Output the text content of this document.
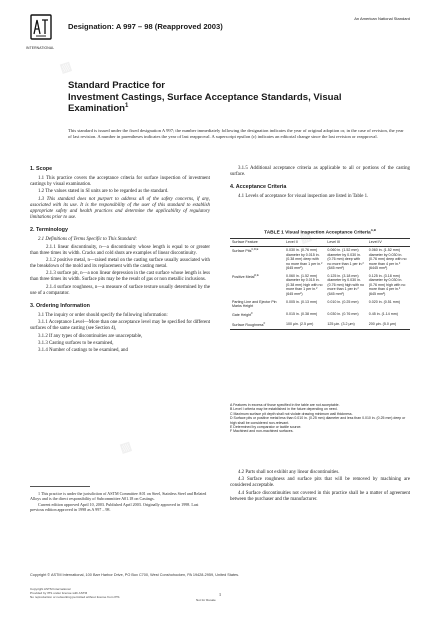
▨
▨
▨
INTERNATIONAL
Designation: A 997 – 98 (Reapproved 2003)
An American National Standard
Standard Practice for
Investment Castings, Surface Acceptance Standards, Visual
Examination$^1$
This standard is issued under the fixed designation A 997; the number immediately following the designation indicates the year of original adoption or, in the case of revision, the year of last revision. A number in parentheses indicates the year of last reapproval. A superscript epsilon (ε) indicates an editorial change since the last revision or reapproval.
1. Scope

1.1 This practice covers the acceptance criteria for surface inspection of investment castings by visual examination.

1.2 The values stated in SI units are to be regarded as the standard.

1.3 This standard does not purport to address all of the safety concerns, if any, associated with its use. It is the responsibility of the user of this standard to establish appropriate safety and health practices and determine the applicability of regulatory limitations prior to use.

2. Terminology

2.1 Definitions of Terms Specific to This Standard:

2.1.1 linear discontinuity, n—a discontinuity whose length is equal to or greater than three times its width. Cracks and cold shuts are examples of linear discontinuity.

2.1.2 positive metal, n—raised metal on the casting surface usually associated with the breakdown of the mold and its replacement with the casting metal.

2.1.3 surface pit, n—a non linear depression in the cast surface whose length is less than three times its width. Surface pits may be the result of gas or non metallic inclusions.

2.1.4 surface roughness, n—a measure of surface texture usually determined by the use of a comparator.

3. Ordering Information

3.1 The inquiry or order should specify the following information:

3.1.1 Acceptance Level—More than one acceptance level may be specified for different surfaces of the same casting (see Section 4),

3.1.2 If any types of discontinuities are unacceptable,

3.1.3 Casting surfaces to be examined,

3.1.4 Number of castings to be examined, and

3.1.5 Additional acceptance criteria as applicable to all or portions of the casting surface.

4. Acceptance Criteria

4.1 Levels of acceptance for visual inspection are listed in Table 1.

TABLE 1 Visual Inspection Acceptance Criteria$^{A,B}$
Surface Feature	Level II	Level III	Level IV
Surface Pits$^{C,D,E}$	0.030 in. (0.76 mm) diameter by 0.015 in. (0.38 mm) deep with no more than 1 per in.² (645 mm²)	0.060 in. (1.52 mm) diameter by 0.030 in. (0.76 mm) deep with no more than 1 per in.² (645 mm²)	0.060 in. (1.52 mm) diameter by 0.030 in. (0.76 mm) deep with no more than 4 per in.² (6445 mm²)
Positive Metal$^{D,E}$	0.060 in. (1.52 mm) diameter by 0.015 in. (0.38 mm) high with no more than 1 per in.² (645 mm²)	0.125 in. (3.18 mm) diameter by 0.030 in. (0.76 mm) high with no more than 1 per in.² (645 mm²)	0.125 in. (3.18 mm) diameter by 0.030 in. (0.76 mm) high with no more than 4 per in.² (645 mm²)
Parting Line and Ejector Pin Marks Height	0.005 in. (0.13 mm)	0.010 in. (0.25 mm)	0.020 in. (0.51 mm)
Gate Height$^F$	0.015 in. (0.38 mm)	0.030 in. (0.76 mm)	0.45 in. (1.14 mm)
Surface Roughness$^F$	100 μin. (2.5 μm)	125 μin. (3.2 μm)	200 μin. (5.0 μm)
A Features in excess of those specified in the table are not acceptable.
B Level I criteria may be established in the future depending on need.
C Maximum surface pit depth shall not violate drawing minimum wall thickness.
D Surface pits or positive metal less than 0.010 in. (0.25 mm) diameter and less than 0.010 in. (0.25 mm) deep or high shall be considered non-relevant.
E Determined by comparator or tactile source.
F Machined and non-machined surfaces.

4.2 Parts shall not exhibit any linear discontinuities.

4.3 Surface roughness and surface pits that will be removed by machining are considered acceptable.

4.4 Surface discontinuities not covered in this practice shall be a matter of agreement between the purchaser and the manufacturer.

1 This practice is under the jurisdiction of ASTM Committee A01 on Steel, Stainless Steel and Related Alloys and is the direct responsibility of Subcommittee A01.18 on Castings.

Current edition approved April 10, 2003. Published April 2003. Originally approved in 1998. Last previous edition approved in 1998 as A 997 – 98.

Copyright © ASTM International, 100 Barr Harbor Drive, PO Box C700, West Conshohocken, PA 19428-2959, United States.
Copyright ASTM International
Provided by IHS under license with ASTM
No reproduction or networking permitted without license from IHS	1
Not for Resale
